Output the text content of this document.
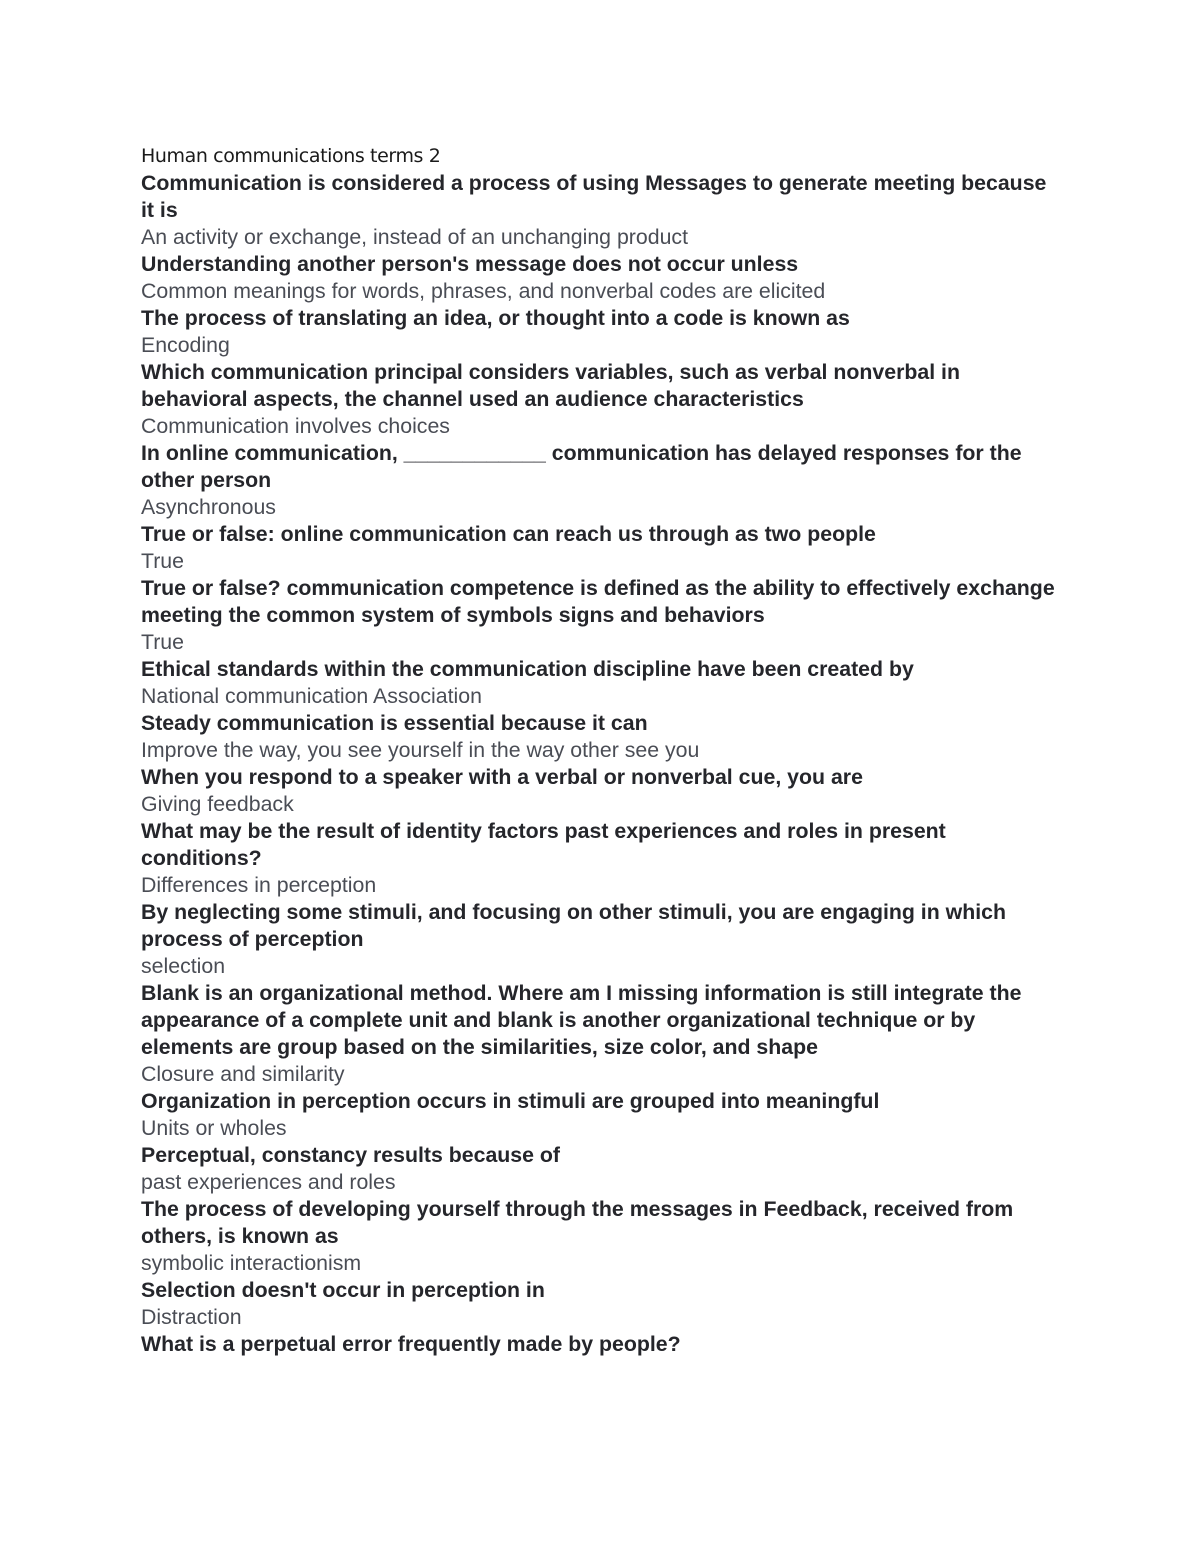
Human communications terms 2

Communication is considered a process of using Messages to generate meeting because it is

An activity or exchange, instead of an unchanging product

Understanding another person's message does not occur unless

Common meanings for words, phrases, and nonverbal codes are elicited

The process of translating an idea, or thought into a code is known as

Encoding

Which communication principal considers variables, such as verbal nonverbal in behavioral aspects, the channel used an audience characteristics

Communication involves choices

In online communication, ____________ communication has delayed responses for the other person

Asynchronous

True or false: online communication can reach us through as two people

True

True or false? communication competence is defined as the ability to effectively exchange meeting the common system of symbols signs and behaviors

True

Ethical standards within the communication discipline have been created by

National communication Association

Steady communication is essential because it can

Improve the way, you see yourself in the way other see you

When you respond to a speaker with a verbal or nonverbal cue, you are

Giving feedback

What may be the result of identity factors past experiences and roles in present conditions?

Differences in perception

By neglecting some stimuli, and focusing on other stimuli, you are engaging in which process of perception

selection

Blank is an organizational method. Where am I missing information is still integrate the appearance of a complete unit and blank is another organizational technique or by elements are group based on the similarities, size color, and shape

Closure and similarity

Organization in perception occurs in stimuli are grouped into meaningful

Units or wholes

Perceptual, constancy results because of

past experiences and roles

The process of developing yourself through the messages in Feedback, received from others, is known as

symbolic interactionism

Selection doesn't occur in perception in

Distraction

What is a perpetual error frequently made by people?
